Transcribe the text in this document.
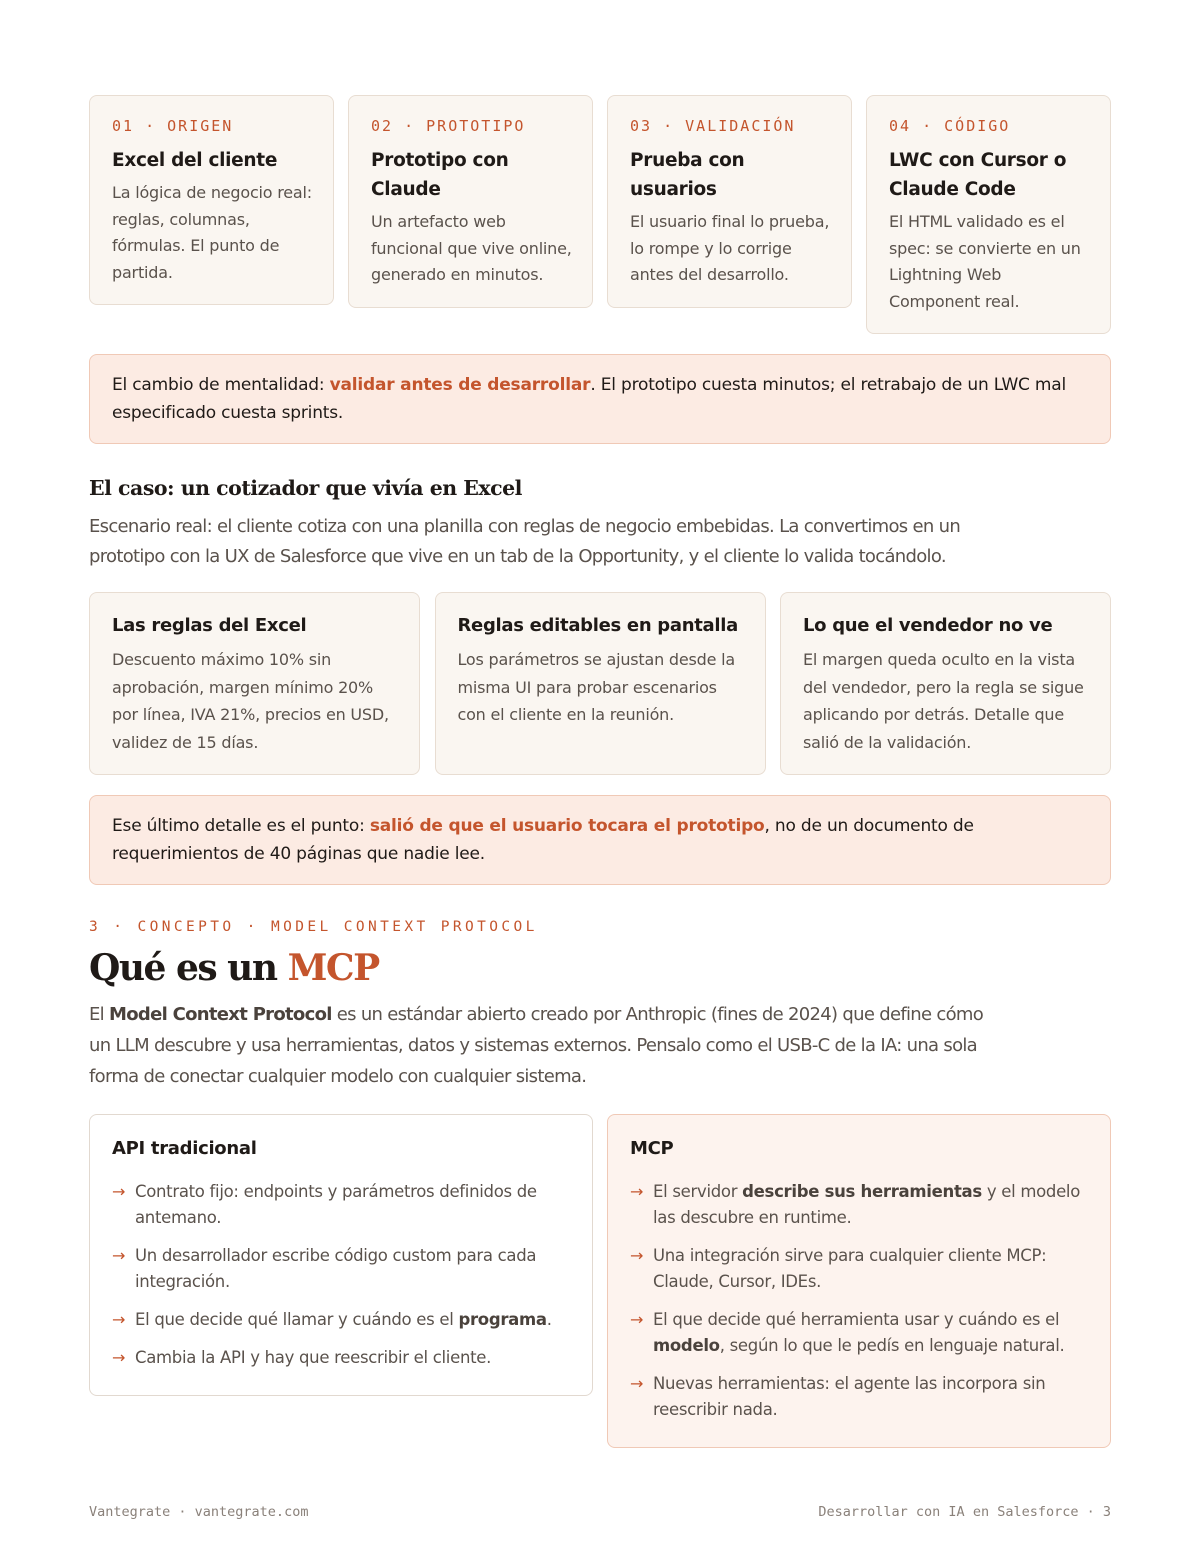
01 · ORIGEN
Excel del cliente
La lógica de negocio real: reglas, columnas, fórmulas. El punto de partida.
02 · PROTOTIPO
Prototipo con Claude
Un artefacto web funcional que vive online, generado en minutos.
03 · VALIDACIÓN
Prueba con usuarios
El usuario final lo prueba, lo rompe y lo corrige antes del desarrollo.
04 · CÓDIGO
LWC con Cursor o Claude Code
El HTML validado es el spec: se convierte en un Lightning Web Component real.
El cambio de mentalidad: validar antes de desarrollar. El prototipo cuesta minutos; el retrabajo de un LWC mal especificado cuesta sprints.
El caso: un cotizador que vivía en Excel

Escenario real: el cliente cotiza con una planilla con reglas de negocio embebidas. La convertimos en un prototipo con la UX de Salesforce que vive en un tab de la Opportunity, y el cliente lo valida tocándolo.

Las reglas del Excel
Descuento máximo 10% sin aprobación, margen mínimo 20% por línea, IVA 21%, precios en USD, validez de 15 días.
Reglas editables en pantalla
Los parámetros se ajustan desde la misma UI para probar escenarios con el cliente en la reunión.
Lo que el vendedor no ve
El margen queda oculto en la vista del vendedor, pero la regla se sigue aplicando por detrás. Detalle que salió de la validación.
Ese último detalle es el punto: salió de que el usuario tocara el prototipo, no de un documento de requerimientos de 40 páginas que nadie lee.
3 · CONCEPTO · MODEL CONTEXT PROTOCOL
Qué es un MCP

El Model Context Protocol es un estándar abierto creado por Anthropic (fines de 2024) que define cómo un LLM descubre y usa herramientas, datos y sistemas externos. Pensalo como el USB-C de la IA: una sola forma de conectar cualquier modelo con cualquier sistema.

API tradicional
→ Contrato fijo: endpoints y parámetros definidos de antemano.
→ Un desarrollador escribe código custom para cada integración.
→ El que decide qué llamar y cuándo es el programa.
→ Cambia la API y hay que reescribir el cliente.
MCP
→ El servidor describe sus herramientas y el modelo las descubre en runtime.
→ Una integración sirve para cualquier cliente MCP: Claude, Cursor, IDEs.
→ El que decide qué herramienta usar y cuándo es el modelo, según lo que le pedís en lenguaje natural.
→ Nuevas herramientas: el agente las incorpora sin reescribir nada.
Vantegrate · vantegrate.com	Desarrollar con IA en Salesforce · 3
